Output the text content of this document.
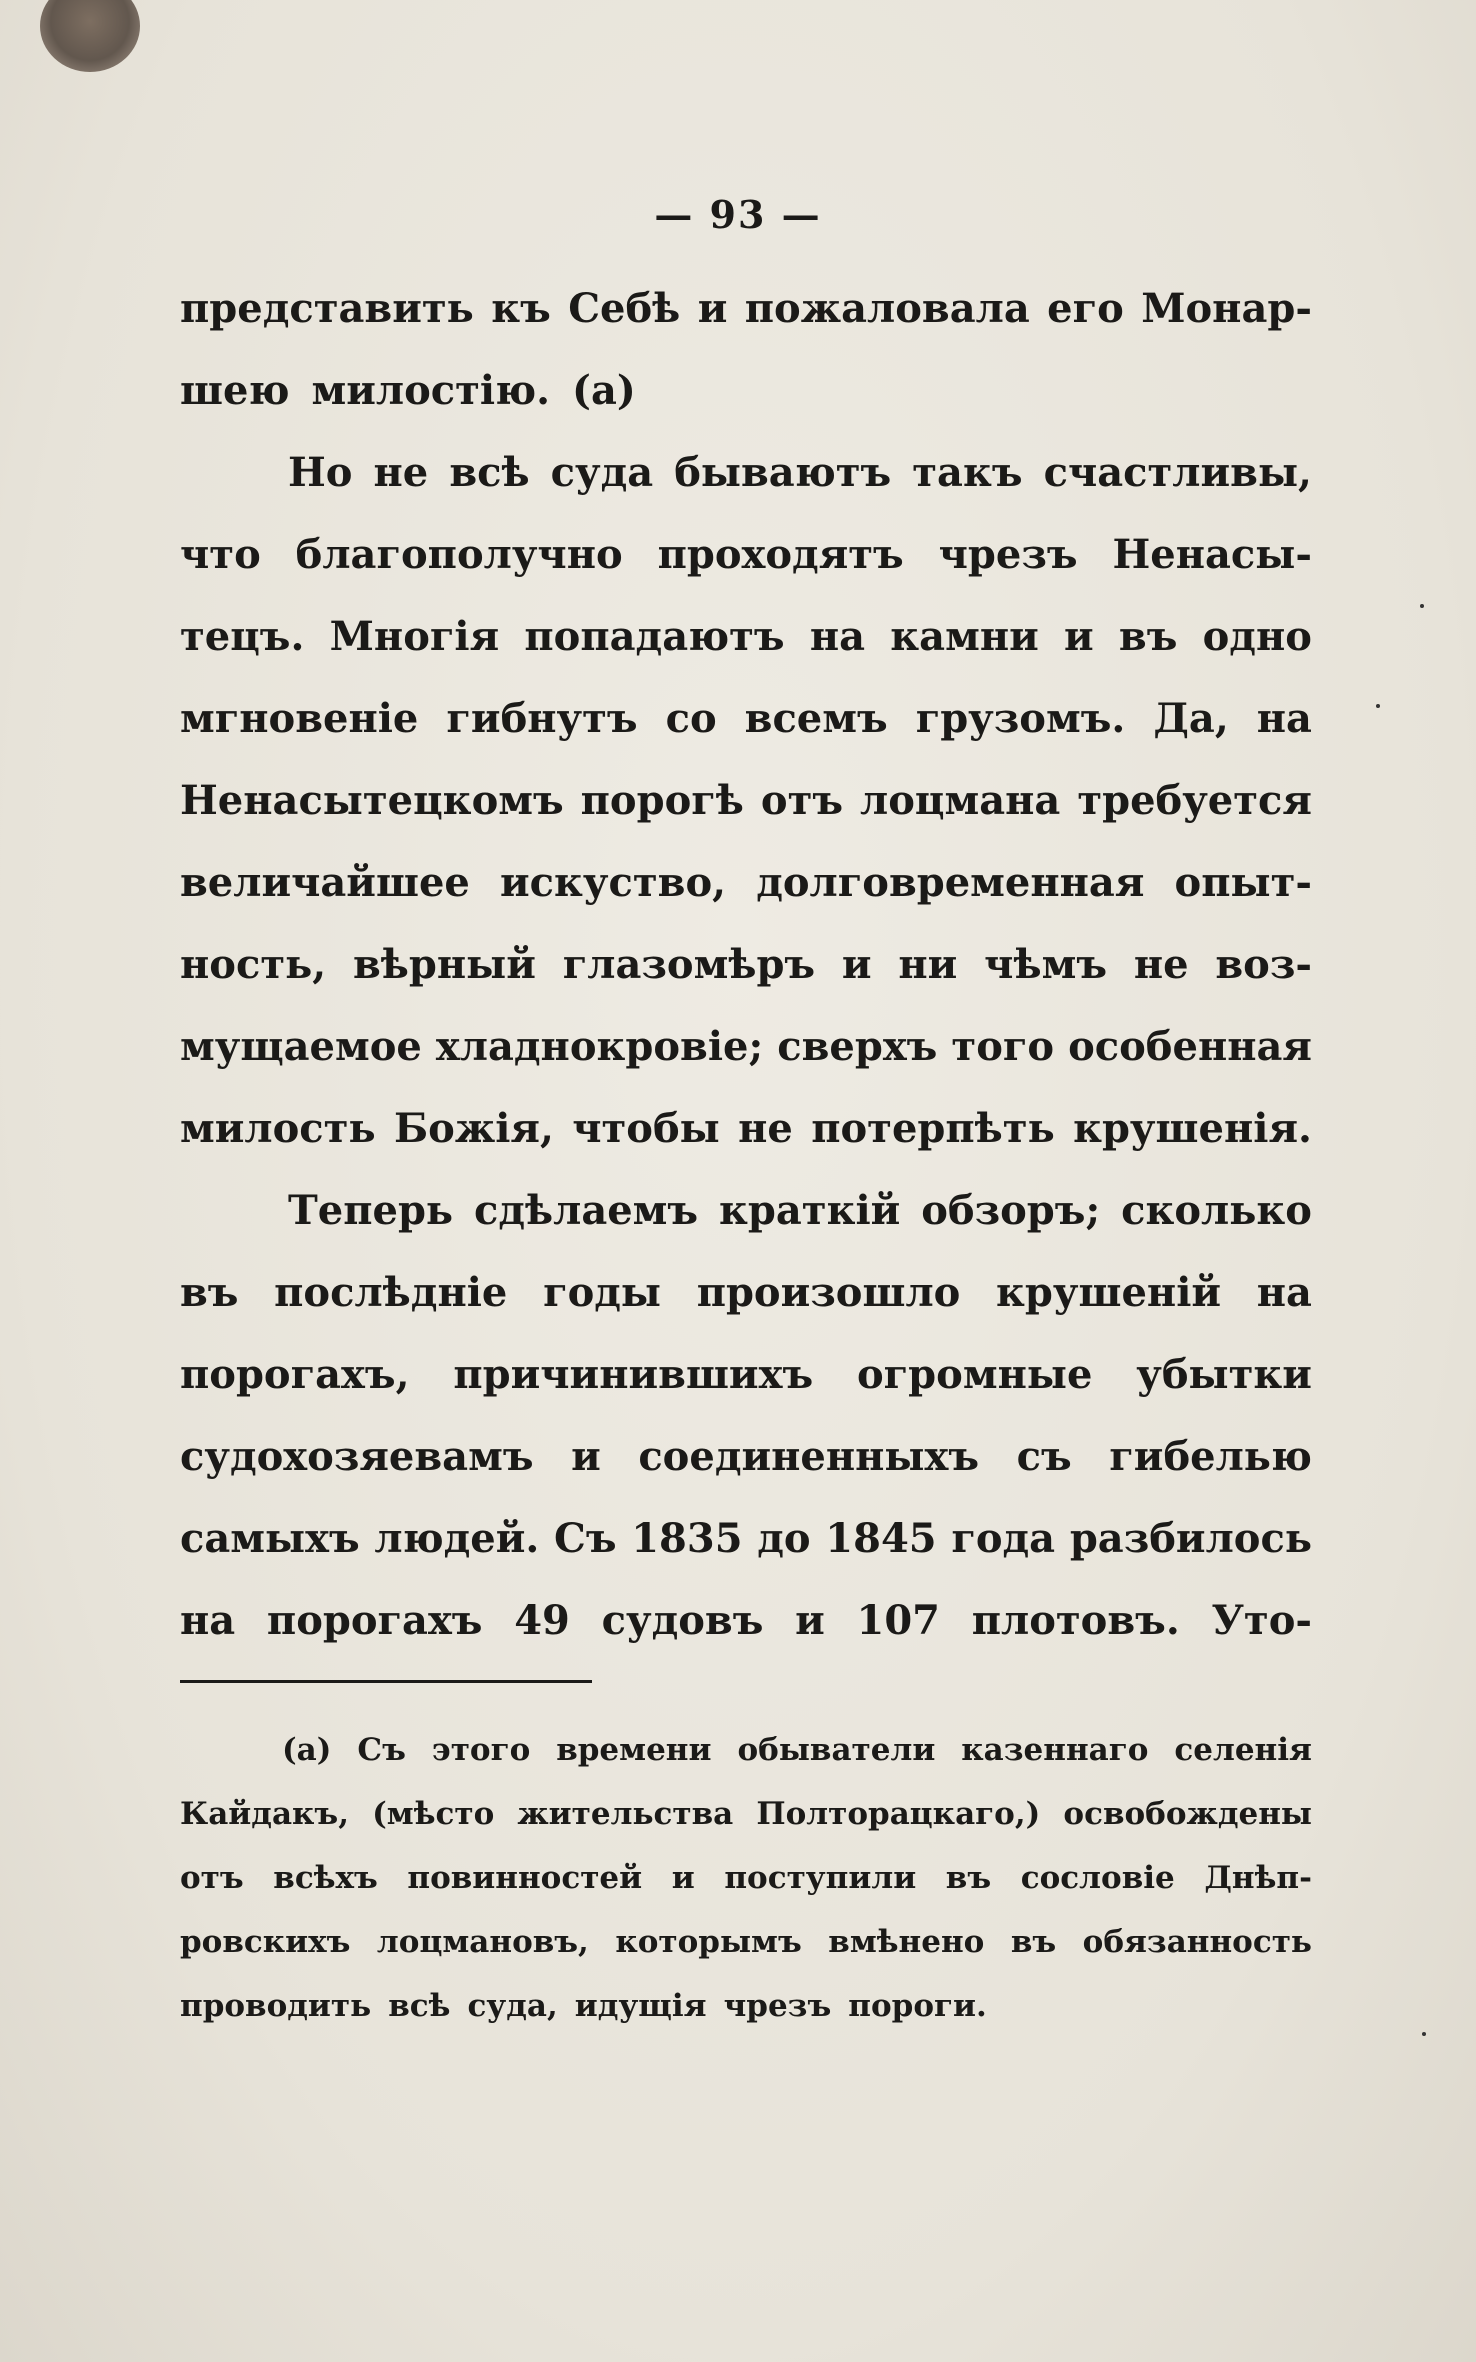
— 93 —
представить къ Себѣ и пожаловала его Монар-
шею милостію. (a)
Но не всѣ суда бываютъ такъ счастливы,
что благополучно проходятъ чрезъ Ненасы-
тецъ. Многія попадаютъ на камни и въ одно
мгновеніе гибнутъ со всемъ грузомъ. Да, на
Ненасытецкомъ порогѣ отъ лоцмана требуется
величайшее искуство, долговременная опыт-
ность, вѣрный глазомѣръ и ни чѣмъ не воз-
мущаемое хладнокровіе; сверхъ того особенная
милость Божія, чтобы не потерпѣть крушенія.
Теперь сдѣлаемъ краткій обзоръ; сколько
въ послѣдніе годы произошло крушеній на
порогахъ, причинившихъ огромные убытки
судохозяевамъ и соединенныхъ съ гибелью
самыхъ людей. Съ 1835 до 1845 года разбилось
на порогахъ 49 судовъ и 107 плотовъ. Уто-
(a) Съ этого времени обыватели казеннаго селенія
Кайдакъ, (мѣсто жительства Полторацкаго,) освобождены
отъ всѣхъ повинностей и поступили въ сословіе Днѣп-
ровскихъ лоцмановъ, которымъ вмѣнено въ обязанность
проводить всѣ суда, идущія чрезъ пороги.
